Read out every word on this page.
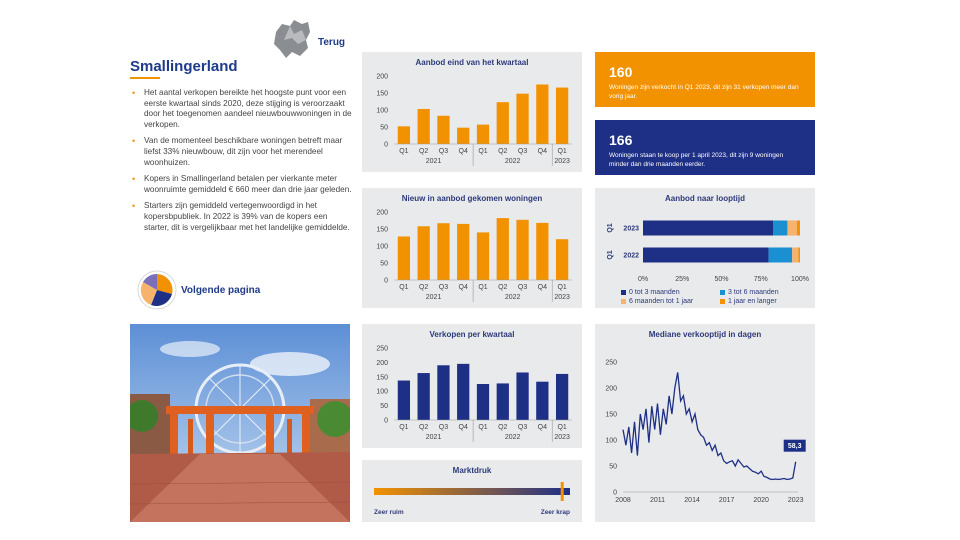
Terug
Smallingerland
• Het aantal verkopen bereikte het hoogste punt voor een eerste kwartaal sinds 2020, deze stijging is veroorzaakt door het toegenomen aandeel nieuwbouwwoningen in de verkopen.
• Van de momenteel beschikbare woningen betreft maar liefst 33% nieuwbouw, dit zijn voor het merendeel woonhuizen.
• Kopers in Smallingerland betalen per vierkante meter woonruimte gemiddeld € 660 meer dan drie jaar geleden.
• Starters zijn gemiddeld vertegenwoordigd in het kopersbpubliek. In 2022 is 39% van de kopers een starter, dit is vergelijkbaar met het landelijke gemiddelde.
Volgende pagina
Aanbod eind van het kwartaal
0
50
100
150
200
Q1 Q2 Q3 Q4 Q1 Q2 Q3 Q4 Q1
2021	2022	2023
Nieuw in aanbod gekomen woningen
0
50
100
150
200
Q1 Q2 Q3 Q4 Q1 Q2 Q3 Q4 Q1
2021	2022	2023
Verkopen per kwartaal
0
50
100
150
200
250
Q1 Q2 Q3 Q4 Q1 Q2 Q3 Q4 Q1
2021	2022	2023
Marktdruk
Zeer ruim	Zeer krap
160
Woningen zijn verkocht in Q1 2023, dit zijn 31 verkopen meer dan vorig jaar.
166
Woningen staan te koop per 1 april 2023, dit zijn 9 woningen minder dan drie maanden eerder.
Aanbod naar looptijd
2023
Q1
2022
Q1
0%	25%	50%	75%	100%
0 tot 3 maanden	3 tot 6 maanden
6 maanden tot 1 jaar	1 jaar en langer
Mediane verkooptijd in dagen
0
50
100
150
200
250
2008	2011	2014	2017	2020	2023
58,3
